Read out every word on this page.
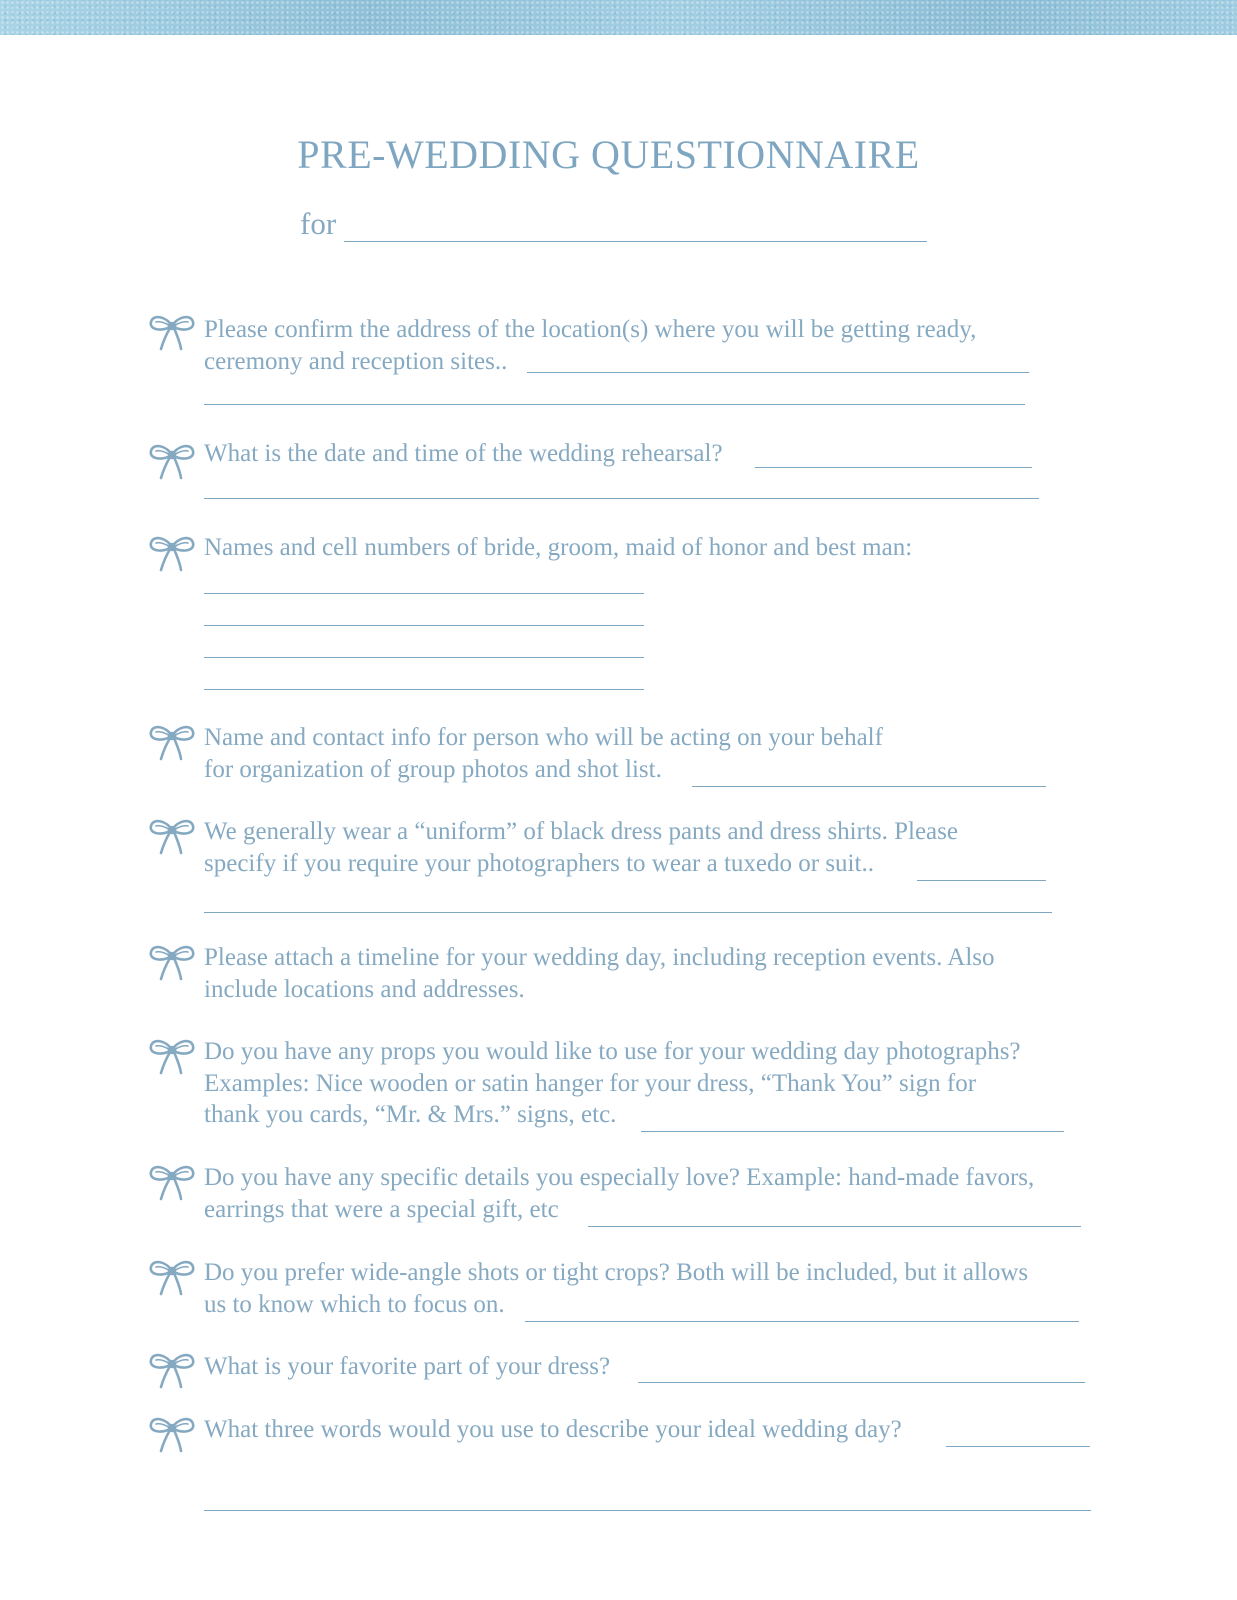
PRE-WEDDING QUESTIONNAIRE
for
Please confirm the address of the location(s) where you will be getting ready,
ceremony and reception sites..
What is the date and time of the wedding rehearsal?
Names and cell numbers of bride, groom, maid of honor and best man:
Name and contact info for person who will be acting on your behalf
for organization of group photos and shot list.
We generally wear a “uniform” of black dress pants and dress shirts. Please
specify if you require your photographers to wear a tuxedo or suit..
Please attach a timeline for your wedding day, including reception events. Also
include locations and addresses.
Do you have any props you would like to use for your wedding day photographs?
Examples: Nice wooden or satin hanger for your dress, “Thank You” sign for
thank you cards, “Mr. & Mrs.” signs, etc.
Do you have any specific details you especially love? Example: hand-made favors,
earrings that were a special gift, etc
Do you prefer wide-angle shots or tight crops? Both will be included, but it allows
us to know which to focus on.
What is your favorite part of your dress?
What three words would you use to describe your ideal wedding day?
